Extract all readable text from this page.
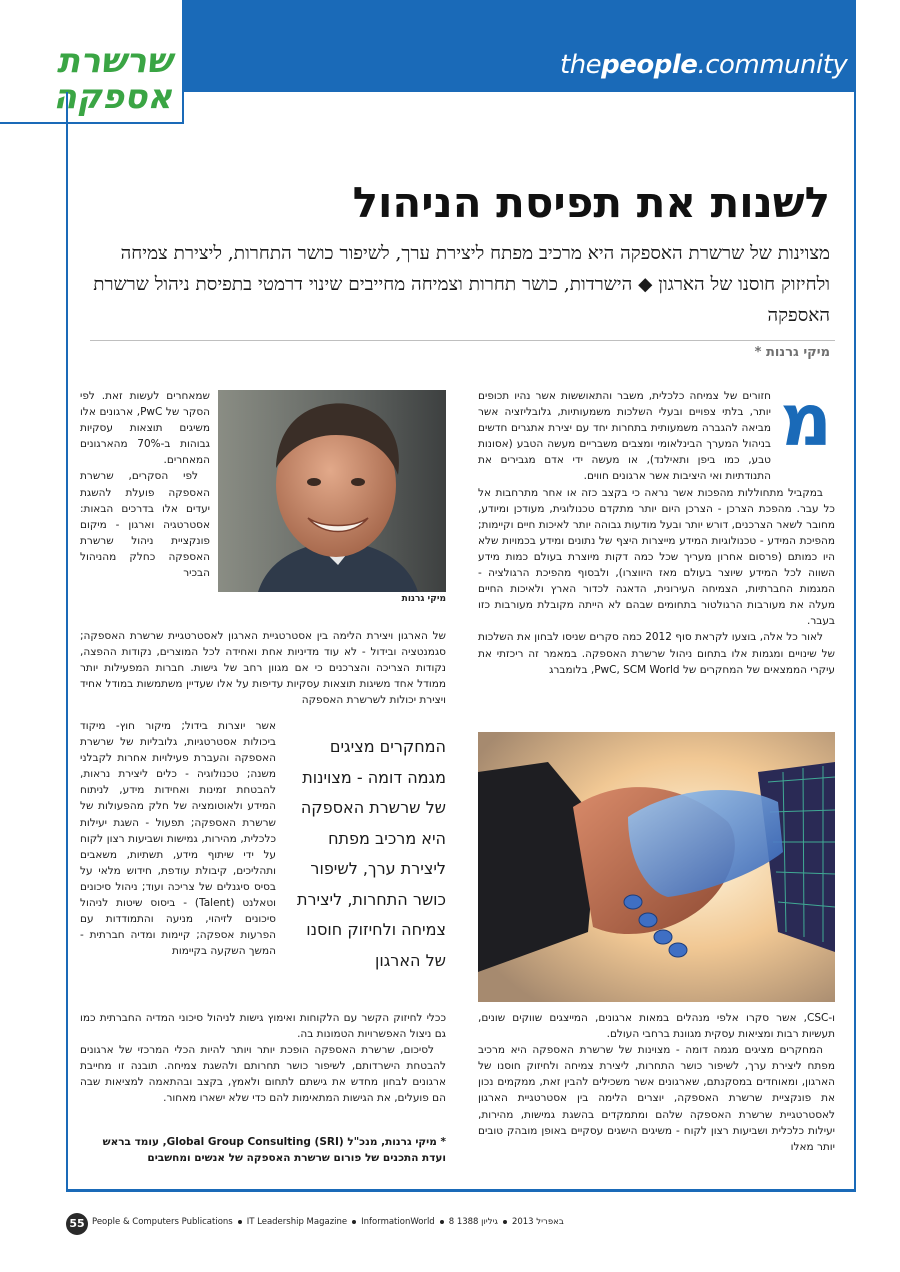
thepeople.community
שרשרת
אספקה
לשנות את תפיסת הניהול
מצוינות של שרשרת האספקה היא מרכיב מפתח ליצירת ערך, לשיפור כושר התחרות, ליצירת צמיחה ולחיזוק חוסנו של הארגון ◆ הישרדות, כושר תחרות וצמיחה מחייבים שינוי דרמטי בתפיסת ניהול שרשרת האספקה
מיקי גרנות *
מ

חזורים של צמיחה כלכלית, משבר והתאוששות אשר נהיו תכופים יותר, בלתי צפויים ובעלי השלכות משמעותיות, גלובליזציה אשר מביאה להגברה משמעותית בתחרות יחד עם יצירת אתגרים חדשים בניהול המערך הבינלאומי ומצבים משבריים מעשה הטבע (אסונות טבע, כמו ביפן ותאילנד), או מעשה ידי אדם מגבירים את התנודתיות ואי היציבות אשר ארגונים חווים.

במקביל מתחוללות מהפכות אשר נראה כי בקצב כזה או אחר מתרחבות אל כל עבר. מהפכת הצרכן - הצרכן היום יותר מתקדם טכנולוגית, מעודכן ומיודע, מחובר לשאר הצרכנים, דורש יותר ובעל מודעות גבוהה יותר לאיכות חיים וקיימות; מהפיכת המידע - טכנולוגיות המידע מייצרות היצף של נתונים ומידע בכמויות שלא היו כמותם (פרסום אחרון מעריך שכל כמה דקות מיוצרת בעולם כמות מידע השווה לכל המידע שיוצר בעולם מאז היווצרו), ולבסוף מהפיכת הרגולציה - המגמות החברתיות, הצמיחה העירונית, הדאגה לכדור הארץ ולאיכות החיים מעלה את מעורבות הרגולטור בתחומים שבהם לא הייתה מקובלת מעורבות כזו בעבר.

לאור כל אלה, בוצעו לקראת סוף 2012 כמה סקרים שניסו לבחון את השלכות של שינויים ומגמות אלו בתחום ניהול שרשרת האספקה. במאמר זה ריכזתי את עיקרי הממצאים של המחקרים של PwC, SCM World, בלומברג

ו-CSC, אשר סקרו אלפי מנהלים במאות ארגונים, המייצגים שווקים שונים, תעשיות רבות ומציאות עסקית מגוונת ברחבי העולם.

המחקרים מציגים מגמה דומה - מצוינות של שרשרת האספקה היא מרכיב מפתח ליצירת ערך, לשיפור כושר התחרות, ליצירת צמיחה ולחיזוק חוסנו של הארגון, ומאוחדים במסקנתם, שארגונים אשר משכילים להבין זאת, ממקמים נכון את פונקציית שרשרת האספקה, יוצרים הלימה בין אסטרטגיית הארגון לאסטרטגיית שרשרת האספקה שלהם ומתמקדים בהשגת גמישות, מהירות, יעילות כלכלית ושביעות רצון לקוח - משיגים הישגים עסקיים באופן מובהק טובים יותר מאלו

מיקי גרנות

שמאחרים לעשות זאת. לפי הסקר של PwC, ארגונים אלו משיגים תוצאות עסקיות גבוהות ב-70% מהארגונים המאחרים.

לפי הסקרים, שרשרת האספקה פועלת להשגת יעדים אלו בדרכים הבאות: אסטרטגיה וארגון - מיקום פונקציית ניהול שרשרת האספקה כחלק מהניהול הבכיר

של הארגון ויצירת הלימה בין אסטרטגיית הארגון לאסטרטגיית שרשרת האספקה; סגמנטציה ובידול - לא עוד מדיניות אחת ואחידה לכל המוצרים, נקודות ההפצה, נקודות הצריכה והצרכנים כי אם מגוון רחב של גישות. חברות המפעילות יותר ממודל אחד משיגות תוצאות עסקיות עדיפות על אלו שעדיין משתמשות במודל אחיד ויצירת יכולות לשרשרת האספקה

אשר יוצרות בידול; מיקור חוץ- מיקוד ביכולות אסטרטגיות, גלובליות של שרשרת האספקה והעברת פעילויות אחרות לקבלני משנה; טכנולוגיה - כלים ליצירת נראות, להבטחת זמינות ואחידות מידע, לניתוח המידע ולאוטומציה של חלק מהפעולות של שרשרת האספקה; תפעול - השגת יעילות כלכלית, מהירות, גמישות ושביעות רצון לקוח על ידי שיתוף מידע, תשתיות, משאבים ותהליכים, קיבולת עודפת, חידוש מלאי על בסיס סיגנלים של צריכה ועוד; ניהול סיכונים וטאלנט (Talent) - ביסוס שיטות לניהול סיכונים לזיהוי, מניעה והתמודדות עם הפרעות אספקה; קיימות ומדיה חברתית - המשך השקעה בקיימות

המחקרים מציגים מגמה דומה - מצוינות של שרשרת האספקה היא מרכיב מפתח ליצירת ערך, לשיפור כושר התחרות, ליצירת צמיחה ולחיזוק חוסנו של הארגון

ככלי לחיזוק הקשר עם הלקוחות ואימוץ גישות לניהול סיכוני המדיה החברתית כמו גם ניצול האפשרויות הטמונות בה.

לסיכום, שרשרת האספקה הופכת יותר ויותר להיות הכלי המרכזי של ארגונים להבטחת הישרדותם, לשיפור כושר תחרותם ולהשגת צמיחה. תובנה זו מחייבת ארגונים לבחון מחדש את גישתם לתחום ולאמץ, בקצב ובהתאמה למציאות שבה הם פועלים, את הגישות המתאימות להם כדי שלא ישארו מאחור.

* מיקי גרנות, מנכ"ל Global Group Consulting (SRI), עומד בראש ועדת התכנים של פורום שרשרת האספקה של אנשים ומחשבים
55 People & Computers Publications IT Leadership Magazine InformationWorld 8 באפריל 2013גיליון 1388
